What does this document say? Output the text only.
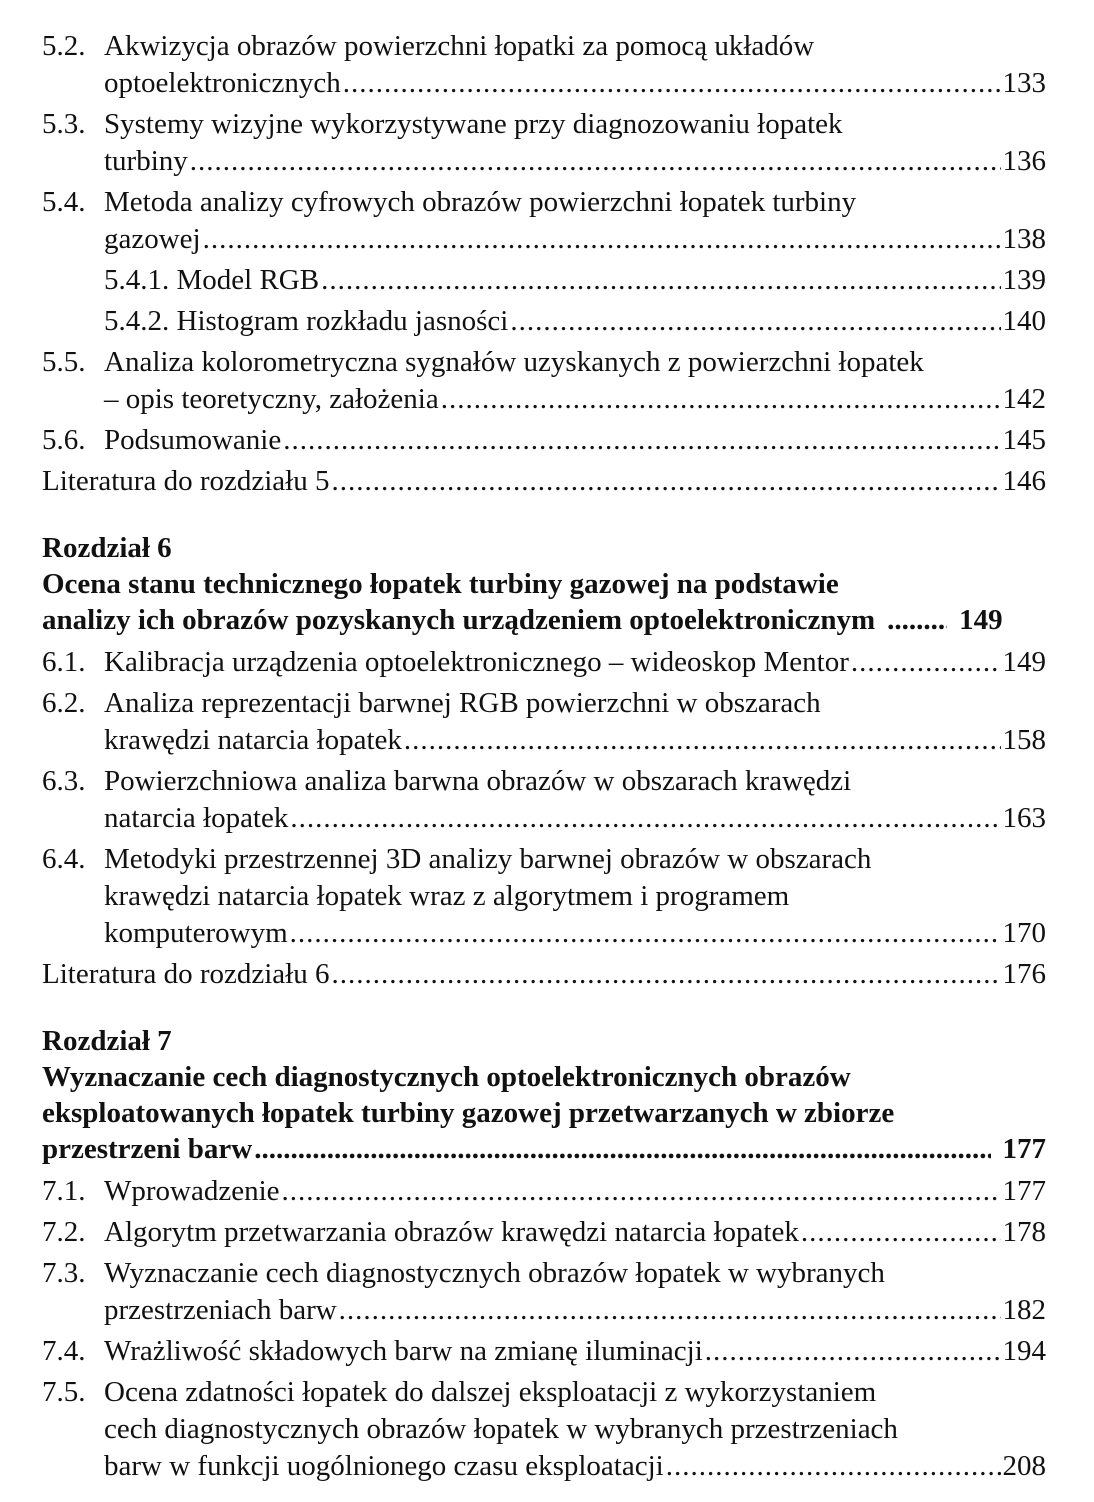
5.2. Akwizycja obrazów powierzchni łopatki za pomocą układów
optoelektronicznych .....	133
5.3. Systemy wizyjne wykorzystywane przy diagnozowaniu łopatek
turbiny .....	136
5.4. Metoda analizy cyfrowych obrazów powierzchni łopatek turbiny
gazowej .....	138
5.4.1. Model RGB .....	139
5.4.2. Histogram rozkładu jasności .....	140
5.5. Analiza kolorometryczna sygnałów uzyskanych z powierzchni łopatek
– opis teoretyczny, założenia .....	142
5.6. Podsumowanie .....	145
Literatura do rozdziału 5 .....	146
Rozdział 6
Ocena stanu technicznego łopatek turbiny gazowej na podstawie
analizy ich obrazów pozyskanych urządzeniem optoelektronicznym .....	149
6.1. Kalibracja urządzenia optoelektronicznego – wideoskop Mentor .....	149
6.2. Analiza reprezentacji barwnej RGB powierzchni w obszarach
krawędzi natarcia łopatek .....	158
6.3. Powierzchniowa analiza barwna obrazów w obszarach krawędzi
natarcia łopatek .....	163
6.4. Metodyki przestrzennej 3D analizy barwnej obrazów w obszarach
krawędzi natarcia łopatek wraz z algorytmem i programem
komputerowym .....	170
Literatura do rozdziału 6 .....	176
Rozdział 7
Wyznaczanie cech diagnostycznych optoelektronicznych obrazów
eksploatowanych łopatek turbiny gazowej przetwarzanych w zbiorze
przestrzeni barw .....	177
7.1. Wprowadzenie .....	177
7.2. Algorytm przetwarzania obrazów krawędzi natarcia łopatek .....	178
7.3. Wyznaczanie cech diagnostycznych obrazów łopatek w wybranych
przestrzeniach barw .....	182
7.4. Wrażliwość składowych barw na zmianę iluminacji .....	194
7.5. Ocena zdatności łopatek do dalszej eksploatacji z wykorzystaniem
cech diagnostycznych obrazów łopatek w wybranych przestrzeniach
barw w funkcji uogólnionego czasu eksploatacji .....	208
